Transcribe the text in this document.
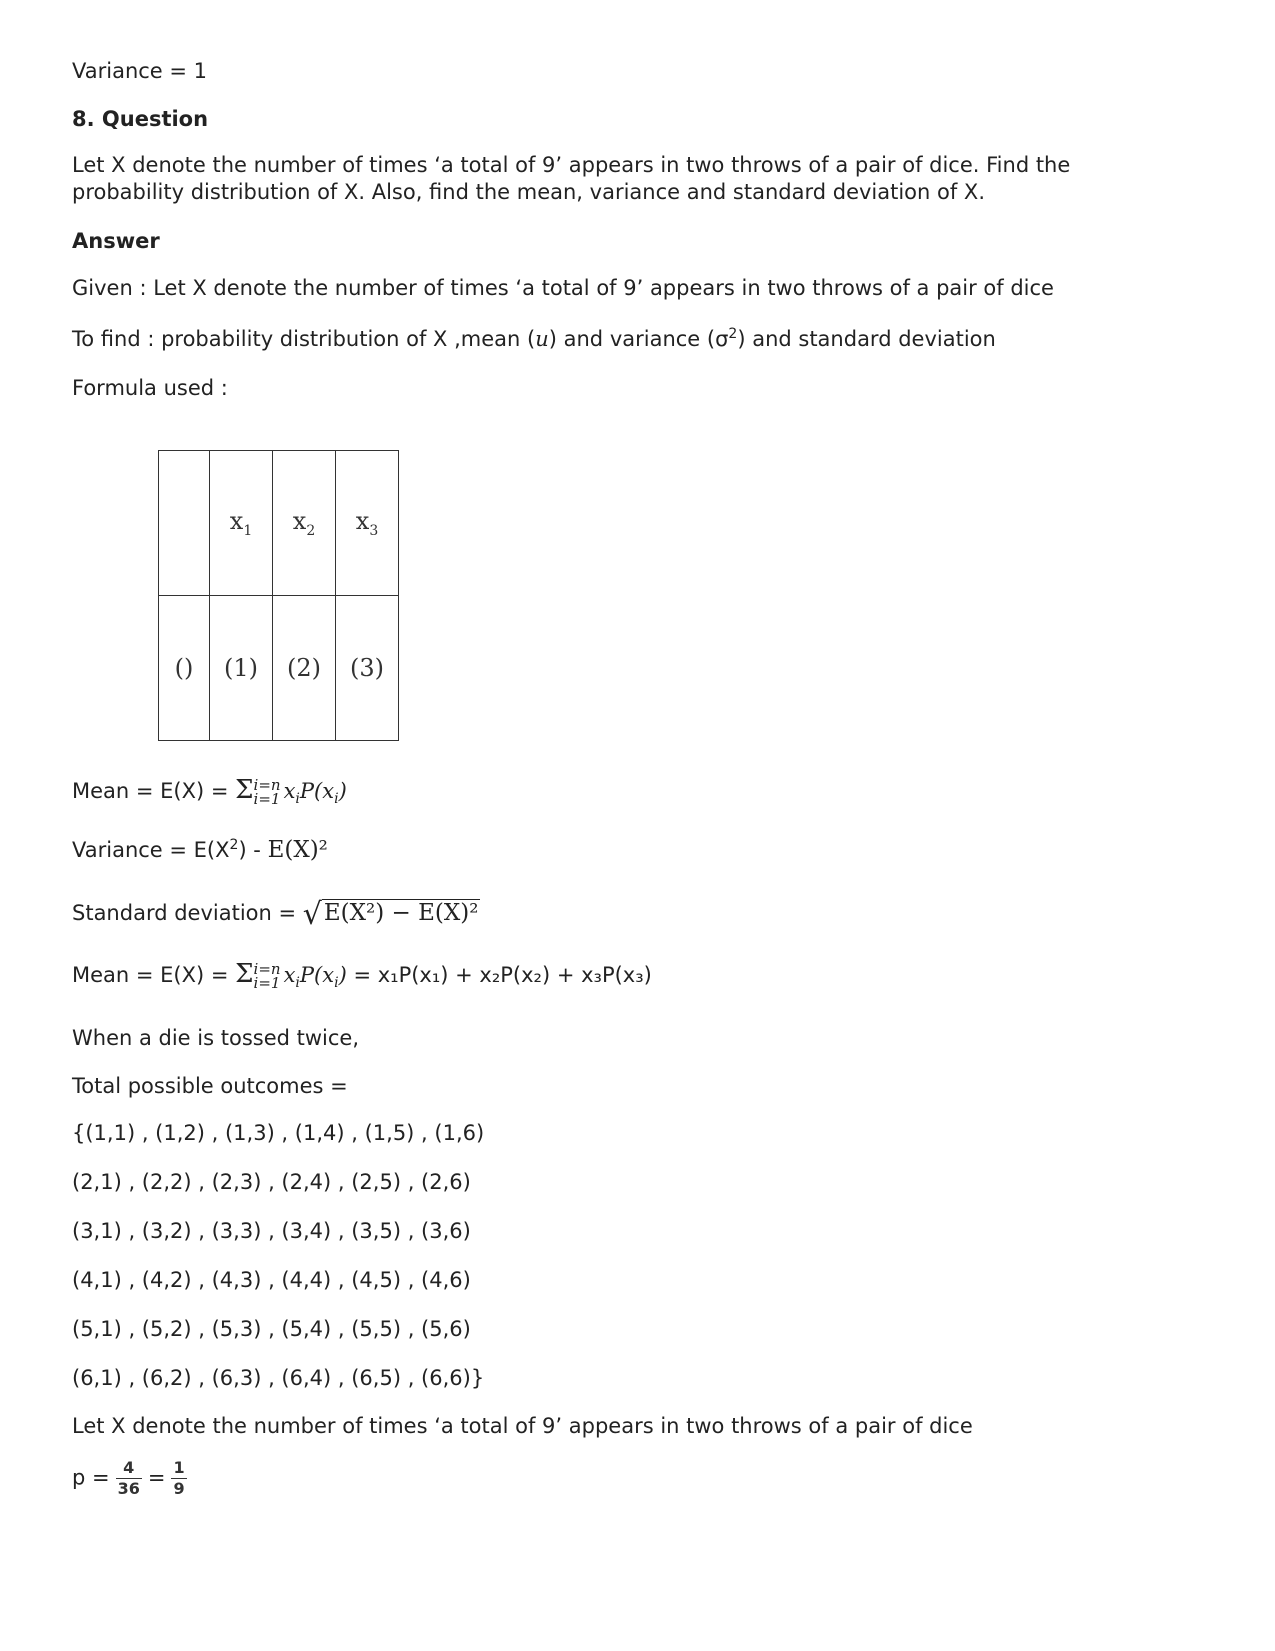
Variance = 1
8. Question
Let X denote the number of times ‘a total of 9’ appears in two throws of a pair of dice. Find the probability distribution of X. Also, find the mean, variance and standard deviation of X.
Answer
Given : Let X denote the number of times ‘a total of 9’ appears in two throws of a pair of dice
To find : probability distribution of X ,mean (u) and variance $(\sigma^2)$ and standard deviation
Formula used :
	$x_1$	$x_2$	$x_3$
()	(1)	(2)	(3)
Mean = E(X) = Σ i=n
i=1 $x_iP(x_i)$
Variance = $E(X^2) - E(X)^2$
Standard deviation = √E(X²) − E(X)²
Mean = E(X) = Σ i=n
i=1 $x_iP(x_i) = x_1P(x_1) + x_2P(x_2) + x_3P(x_3)$
When a die is tossed twice,
Total possible outcomes =
{(1,1) , (1,2) , (1,3) , (1,4) , (1,5) , (1,6)
(2,1) , (2,2) , (2,3) , (2,4) , (2,5) , (2,6)
(3,1) , (3,2) , (3,3) , (3,4) , (3,5) , (3,6)
(4,1) , (4,2) , (4,3) , (4,4) , (4,5) , (4,6)
(5,1) , (5,2) , (5,3) , (5,4) , (5,5) , (5,6)
(6,1) , (6,2) , (6,3) , (6,4) , (6,5) , (6,6)}
Let X denote the number of times ‘a total of 9’ appears in two throws of a pair of dice
$p = \frac{4}{36} = \frac{1}{9}$
